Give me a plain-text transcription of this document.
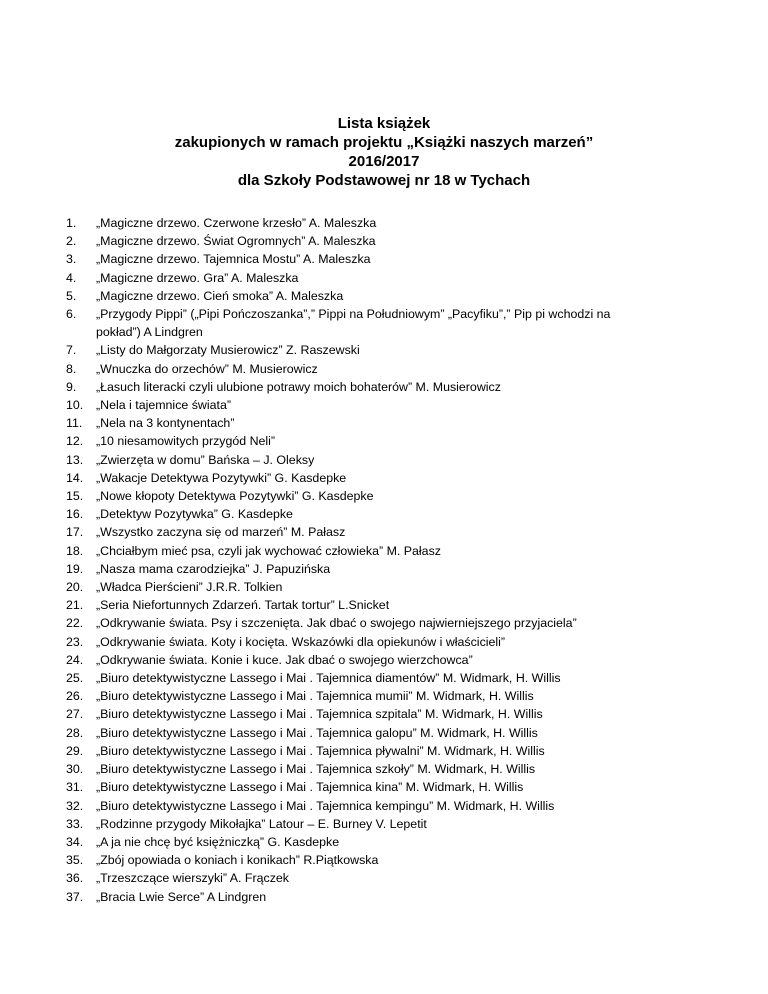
Lista książek
zakupionych w ramach projektu „Książki naszych marzeń”
2016/2017
dla Szkoły Podstawowej nr 18 w Tychach
1.	„Magiczne drzewo. Czerwone krzesło” A. Maleszka
2.	„Magiczne drzewo. Świat Ogromnych” A. Maleszka
3.	„Magiczne drzewo. Tajemnica Mostu” A. Maleszka
4.	„Magiczne drzewo. Gra” A. Maleszka
5.	„Magiczne drzewo. Cień smoka” A. Maleszka
6.	„Przygody Pippi” („Pipi Pończoszanka”,” Pippi na Południowym” „Pacyfiku”,” Pip pi wchodzi na pokład”) A Lindgren
7.	„Listy do Małgorzaty Musierowicz” Z. Raszewski
8.	„Wnuczka do orzechów” M. Musierowicz
9.	„Łasuch literacki czyli ulubione potrawy moich bohaterów” M. Musierowicz
10.	„Nela i tajemnice świata”
11.	„Nela na 3 kontynentach”
12.	„10 niesamowitych przygód Neli”
13.	„Zwierzęta w domu” Bańska – J. Oleksy
14.	„Wakacje Detektywa Pozytywki” G. Kasdepke
15.	„Nowe kłopoty Detektywa Pozytywki” G. Kasdepke
16.	„Detektyw Pozytywka” G. Kasdepke
17.	„Wszystko zaczyna się od marzeń” M. Pałasz
18.	„Chciałbym mieć psa, czyli jak wychować człowieka” M. Pałasz
19.	„Nasza mama czarodziejka” J. Papuzińska
20.	„Władca Pierścieni” J.R.R. Tolkien
21.	„Seria Niefortunnych Zdarzeń. Tartak tortur” L.Snicket
22.	„Odkrywanie świata. Psy i szczenięta. Jak dbać o swojego najwierniejszego przyjaciela”
23.	„Odkrywanie świata. Koty i kocięta. Wskazówki dla opiekunów i właścicieli”
24.	„Odkrywanie świata. Konie i kuce. Jak dbać o swojego wierzchowca”
25.	„Biuro detektywistyczne Lassego i Mai . Tajemnica diamentów” M. Widmark, H. Willis
26.	„Biuro detektywistyczne Lassego i Mai . Tajemnica mumii” M. Widmark, H. Willis
27.	„Biuro detektywistyczne Lassego i Mai . Tajemnica szpitala” M. Widmark, H. Willis
28.	„Biuro detektywistyczne Lassego i Mai . Tajemnica galopu” M. Widmark, H. Willis
29.	„Biuro detektywistyczne Lassego i Mai . Tajemnica pływalni” M. Widmark, H. Willis
30.	„Biuro detektywistyczne Lassego i Mai . Tajemnica szkoły” M. Widmark, H. Willis
31.	„Biuro detektywistyczne Lassego i Mai . Tajemnica kina” M. Widmark, H. Willis
32.	„Biuro detektywistyczne Lassego i Mai . Tajemnica kempingu” M. Widmark, H. Willis
33.	„Rodzinne przygody Mikołajka” Latour – E. Burney V. Lepetit
34.	„A ja nie chcę być księżniczką” G. Kasdepke
35.	„Zbój opowiada o koniach i konikach” R.Piątkowska
36.	„Trzeszczące wierszyki” A. Frączek
37.	„Bracia Lwie Serce” A Lindgren
